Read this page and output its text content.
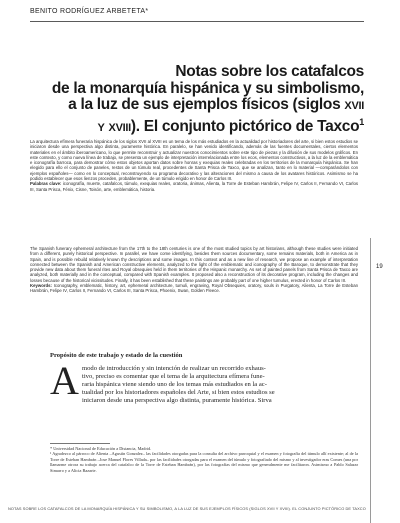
BENITO RODRÍGUEZ ARBETETA*
Notas sobre los catafalcos
de la monarquía hispánica y su simbolismo,
a la luz de sus ejemplos físicos (siglos xvii
y xviii). El conjunto pictórico de Taxco$^1$

La arquitectura efímera funeraria hispánica de los siglos XVII al XVIII es un tema de los más estudiados en la actualidad por historiadores del arte, si bien estos estudios se iniciaron desde una perspectiva algo distinta, puramente histórica. En paralelo, se han venido identificando, además de las fuentes documentales, ciertos elementos materiales en el ámbito iberoamericano, lo que permite reconstruir y actualizar nuestros conocimientos sobre este tipo de piezas y la difusión de sus modelos gráficos. En este contexto, y como nueva línea de trabajo, se presenta un ejemplo de interpretación interrelacionada entre los ecos, elementos constructivos, a la luz de la emblemática e iconografía barroca, para demostrar cómo estos objetos aportan datos sobre honras y exequias reales celebradas en los territorios de la monarquía hispánica. Se han elegido para ello el conjunto de paneles, restos de un túmulo real, procedentes de Santa Prisca de Taxco, que se analizan, tanto en lo material —comparándolos con ejemplos españoles— como en lo conceptual, reconstruyendo su programa decorativo y las alteraciones del mismo a causa de los avatares históricos. Asimismo se ha podido establecer que esos lienzos proceden, probablemente, de un túmulo erigido en honor de Carlos III.

Palabras clave: iconografía, muerte, catafalcos, túmulo, exequias reales, oratoria, ánimas, Alienta, la Torre de Esteban Hambrán, Felipe IV, Carlos II, Fernando VI, Carlos III, Santa Prisca, Fénix, Cisne, Toisón, arte, emblemática, historia.

The Spanish funerary ephemeral architecture from the 17th to the 18th centuries is one of the most studied topics by art historians, although these studies were initiated from a different, purely historical perspective. In parallel, we have come identifying, besides them sources documentary, some remains materials, both in America as in Spain, and is possible rebuild relatively known thy descriptions and some images. In this context and as a new line of research, we propose an example of interpretation connected between the Spanish and American constructive elements, analyzed to the light of the emblematic and iconography of the Baroque, to demonstrate that they provide new data about them funeral rites and Royal obsequies held in them territories of the Hispanic monarchy. As set of painted panels from Santa Prisca de Taxco are analyzed, both materially and in the conceptual, compared with Spanish examples. It proposed also a reconstruction of its decorative program, including the changes and losses because of the historical vicissitudes. Finally, it has been established that these paintings are probably part of one higher tumulus, erected in honor of Carlos III.

Keywords: Iconography, emblematic, history, art, ephemeral architecture, tumuli, engraving, Royal Obsequies, oratory, souls in Purgatory, Alienta, La Torre de Esteban Hambrán, Felipe IV, Carlos II, Fernando VI, Carlos III, Santa Prisca, Phoenix, Swan, Golden Fleece.

19
Propósito de este trabajo y estado de la cuestión
A modo de introducción y sin intención de realizar un recorrido exhaus-
tivo, preciso es comentar que el tema de la arquitectura efímera fune-
raria hispánica viene siendo uno de los temas más estudiados en la ac-
tualidad por los historiadores españoles del Arte, si bien estos estudios se
iniciaron desde una perspectiva algo distinta, puramente histórica. Sirva

* Universidad Nacional de Educación a Distancia, Madrid.

¹ Agradezco al párroco de Alienta –Agustín Gonzalez– las facilidades otorgadas para la consulta del archivo parroquial y el examen y fotografía del túmulo allí existente; al de la Torre de Esteban Hambrán –Jose Manuel Flores Villada– por las facilidades otorgadas para el examen del túmulo y fotografiado del mismo y al investigador eras Comes (una por llamarme otrora su trabajo acerca del catafalco de la Torre de Esteban Hambrán), por las fotografías del mismo que generalmente me facilitaron. Asimismo a Pablo Salazar Simarro y a Alicia Bazarte.

NOTAS SOBRE LOS CATAFALCOS DE LA MONARQUÍA HISPÁNICA Y SU SIMBOLISMO, A LA LUZ DE SUS EJEMPLOS FÍSICOS (SIGLOS XVII Y XVIII). EL CONJUNTO PICTÓRICO DE TAXCO
